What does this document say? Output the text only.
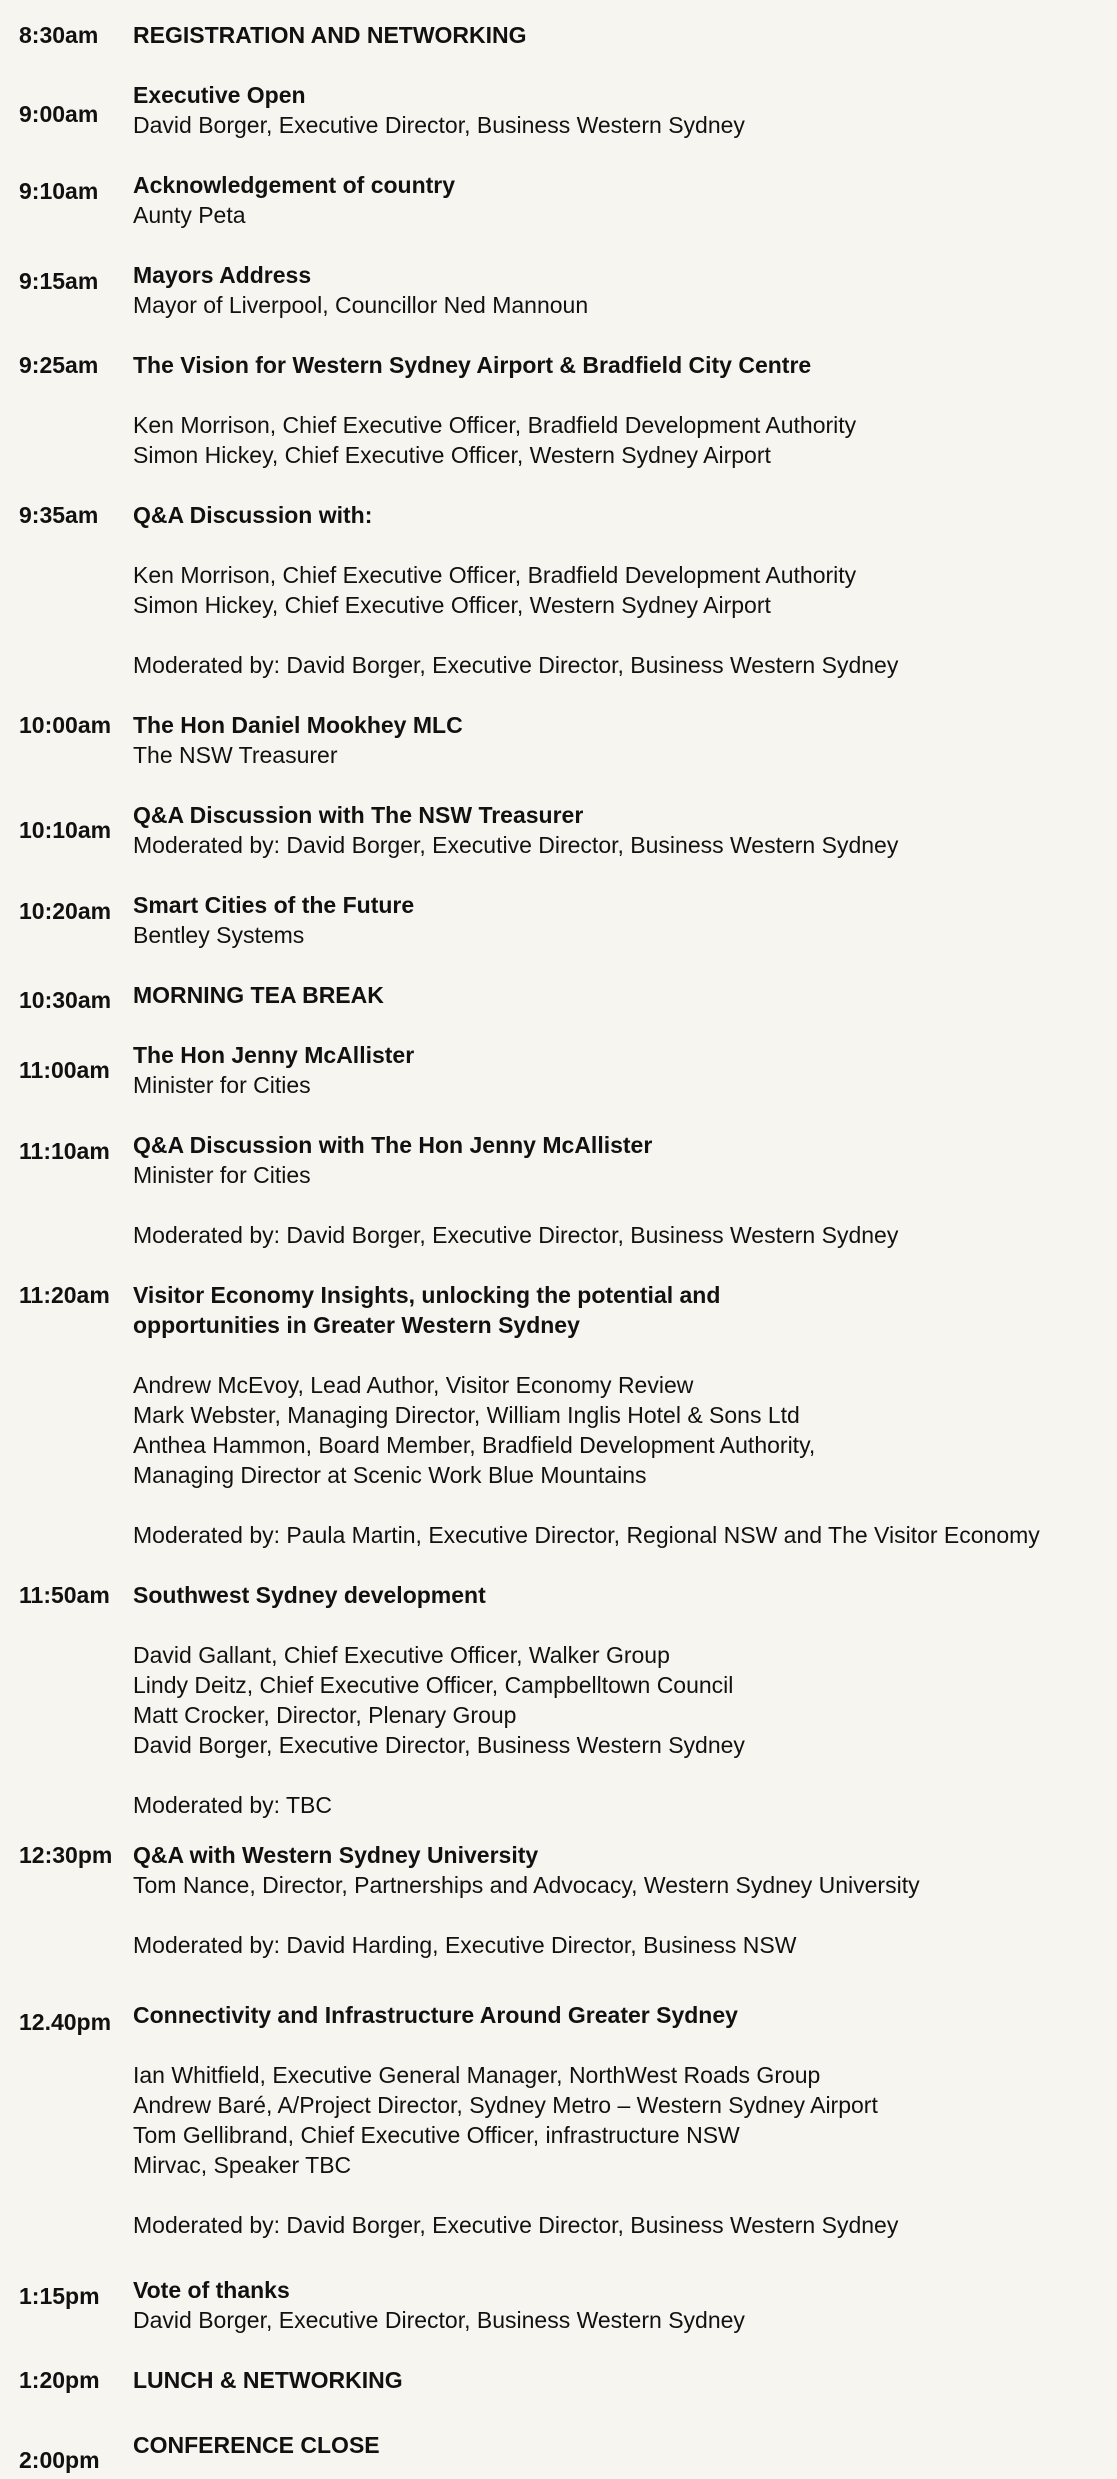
8:30am REGISTRATION AND NETWORKING
9:00am
Executive Open
David Borger, Executive Director, Business Western Sydney
9:10am Acknowledgement of country
Aunty Peta
9:15am Mayors Address
Mayor of Liverpool, Councillor Ned Mannoun
9:25am The Vision for Western Sydney Airport & Bradfield City Centre
Ken Morrison, Chief Executive Officer, Bradfield Development Authority
Simon Hickey, Chief Executive Officer, Western Sydney Airport
9:35am Q&A Discussion with:
Ken Morrison, Chief Executive Officer, Bradfield Development Authority
Simon Hickey, Chief Executive Officer, Western Sydney Airport
Moderated by: David Borger, Executive Director, Business Western Sydney
10:00am The Hon Daniel Mookhey MLC
The NSW Treasurer
10:10am
Q&A Discussion with The NSW Treasurer
Moderated by: David Borger, Executive Director, Business Western Sydney
10:20am Smart Cities of the Future
Bentley Systems
10:30am MORNING TEA BREAK
11:00am
The Hon Jenny McAllister
Minister for Cities
11:10am Q&A Discussion with The Hon Jenny McAllister
Minister for Cities
Moderated by: David Borger, Executive Director, Business Western Sydney
11:20am Visitor Economy Insights, unlocking the potential and
opportunities in Greater Western Sydney
Andrew McEvoy, Lead Author, Visitor Economy Review
Mark Webster, Managing Director, William Inglis Hotel & Sons Ltd
Anthea Hammon, Board Member, Bradfield Development Authority,
Managing Director at Scenic Work Blue Mountains
Moderated by: Paula Martin, Executive Director, Regional NSW and The Visitor Economy
11:50am Southwest Sydney development
David Gallant, Chief Executive Officer, Walker Group
Lindy Deitz, Chief Executive Officer, Campbelltown Council
Matt Crocker, Director, Plenary Group
David Borger, Executive Director, Business Western Sydney
Moderated by: TBC
12:30pm Q&A with Western Sydney University
Tom Nance, Director, Partnerships and Advocacy, Western Sydney University
Moderated by: David Harding, Executive Director, Business NSW
12.40pm Connectivity and Infrastructure Around Greater Sydney
Ian Whitfield, Executive General Manager, NorthWest Roads Group
Andrew Baré, A/Project Director, Sydney Metro – Western Sydney Airport
Tom Gellibrand, Chief Executive Officer, infrastructure NSW
Mirvac, Speaker TBC
Moderated by: David Borger, Executive Director, Business Western Sydney
1:15pm Vote of thanks
David Borger, Executive Director, Business Western Sydney
1:20pm LUNCH & NETWORKING
2:00pm
CONFERENCE CLOSE
